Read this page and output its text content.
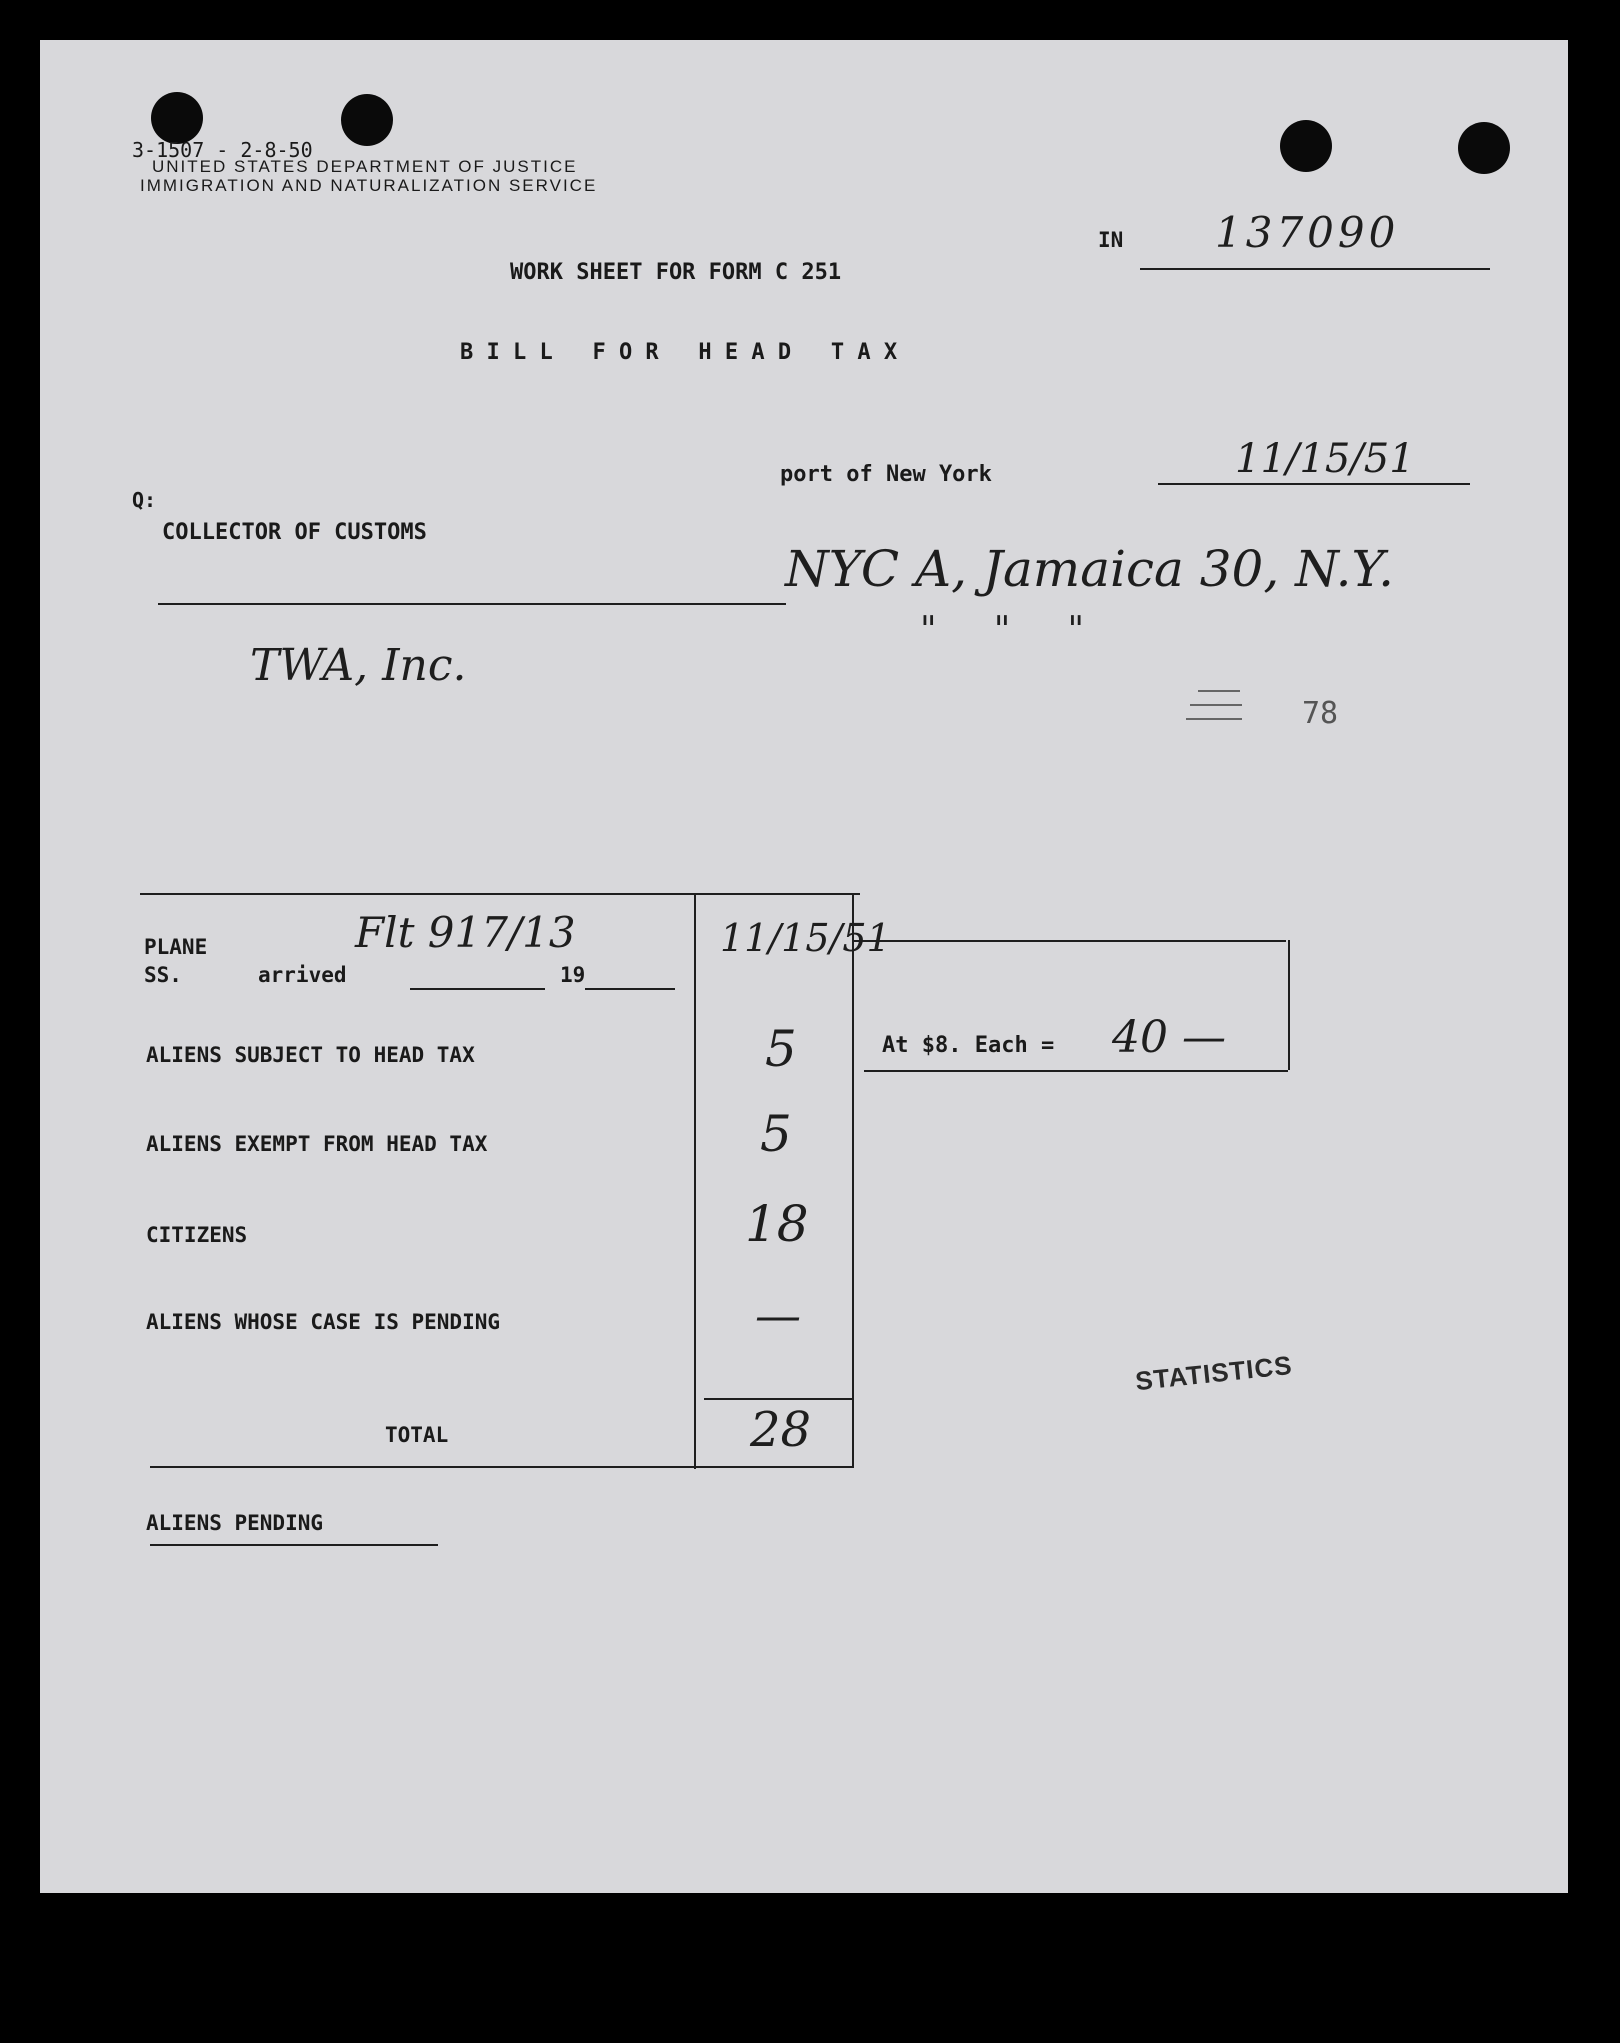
3-1507 - 2-8-50
UNITED STATES DEPARTMENT OF JUSTICE
IMMIGRATION AND NATURALIZATION SERVICE
IN 137090
WORK SHEET FOR FORM C 251
B I L L   F O R   H E A D   T A X
port of New York	11/15/51
Q:
COLLECTOR OF CUSTOMS
NYC A, Jamaica 30, N.Y.
"     "     "
TWA, Inc.
78
PLANE
SS.	arrived
Flt 917/13
19
11/15/51
ALIENS SUBJECT TO HEAD TAX	5
ALIENS EXEMPT FROM HEAD TAX	5
CITIZENS	18
ALIENS WHOSE CASE IS PENDING	—
TOTAL	28
At $8. Each = 40 —
ALIENS PENDING
STATISTICS
